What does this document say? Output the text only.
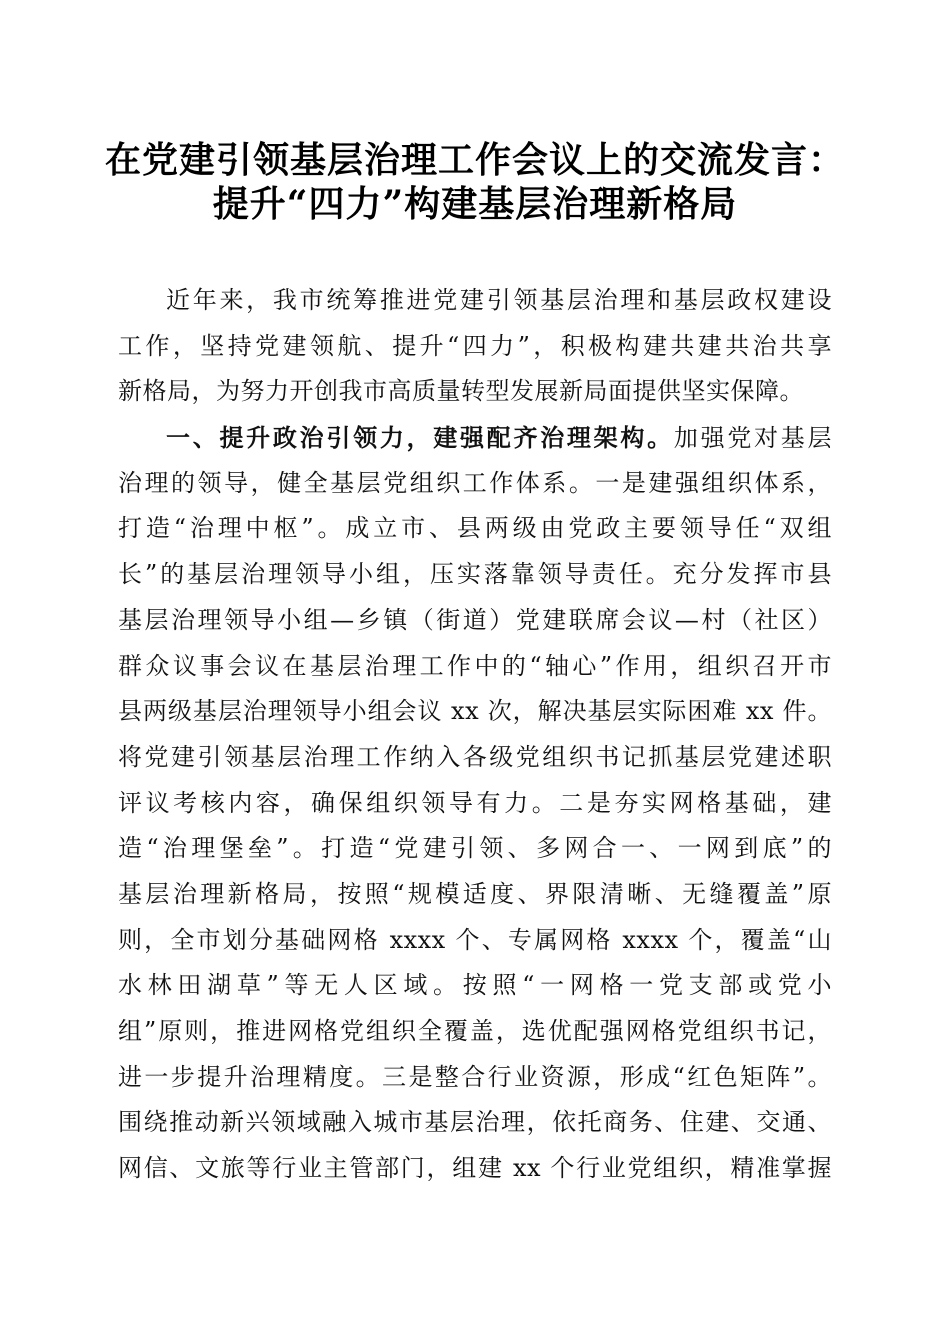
在党建引领基层治理工作会议上的交流发言：
提升“四力”构建基层治理新格局
近年来，我市统筹推进党建引领基层治理和基层政权建设
工作，坚持党建领航、提升“四力”，积极构建共建共治共享
新格局，为努力开创我市高质量转型发展新局面提供坚实保障。
一、提升政治引领力，建强配齐治理架构。加强党对基层
治理的领导，健全基层党组织工作体系。一是建强组织体系，
打造“治理中枢”。成立市、县两级由党政主要领导任“双组
长”的基层治理领导小组，压实落靠领导责任。充分发挥市县
基层治理领导小组—乡镇（街道）党建联席会议—村（社区）
群众议事会议在基层治理工作中的“轴心”作用，组织召开市
县两级基层治理领导小组会议 xx 次，解决基层实际困难 xx 件。
将党建引领基层治理工作纳入各级党组织书记抓基层党建述职
评议考核内容，确保组织领导有力。二是夯实网格基础，建
造“治理堡垒”。打造“党建引领、多网合一、一网到底”的
基层治理新格局，按照“规模适度、界限清晰、无缝覆盖”原
则，全市划分基础网格 xxxx 个、专属网格 xxxx 个，覆盖“山
水林田湖草”等无人区域。按照“一网格一党支部或党小
组”原则，推进网格党组织全覆盖，选优配强网格党组织书记，
进一步提升治理精度。三是整合行业资源，形成“红色矩阵”。
围绕推动新兴领域融入城市基层治理，依托商务、住建、交通、
网信、文旅等行业主管部门，组建 xx 个行业党组织，精准掌握
